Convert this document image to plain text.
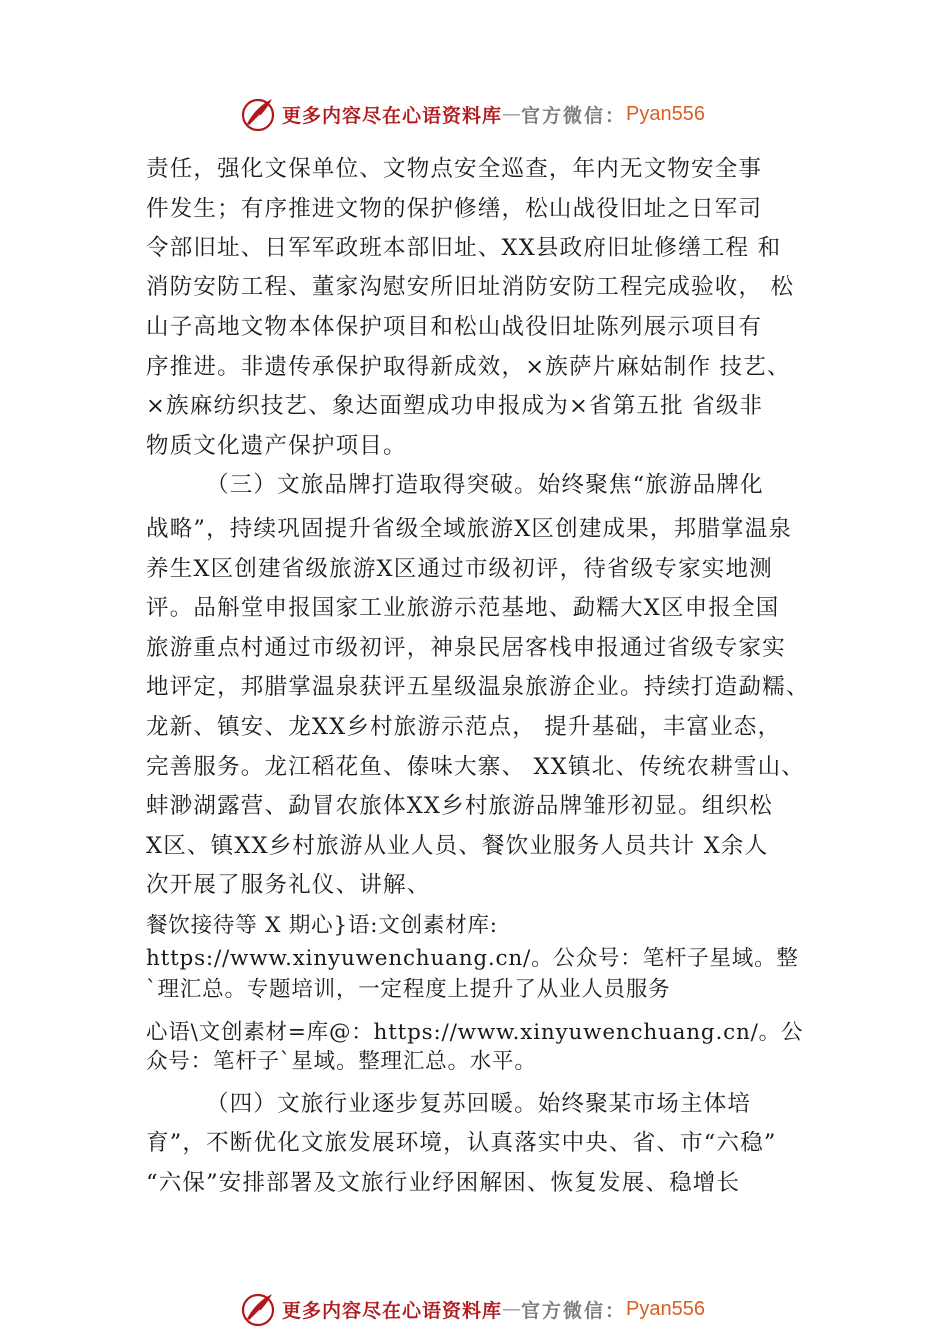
更多内容尽在心语资料库 — 官方微信： Pyan556
责任，强化文保单位、文物点安全巡查，年内无文物安全事
件发生；有序推进文物的保护修缮，松山战役旧址之日军司
令部旧址、日军军政班本部旧址、XX县政府旧址修缮工程 和
消防安防工程、董家沟慰安所旧址消防安防工程完成验收， 松
山子高地文物本体保护项目和松山战役旧址陈列展示项目有
序推进。非遗传承保护取得新成效，×族萨片麻姑制作 技艺、
×族麻纺织技艺、象达面塑成功申报成为×省第五批 省级非
物质文化遗产保护项目。
（三）文旅品牌打造取得突破。始终聚焦“旅游品牌化
战略”，持续巩固提升省级全域旅游X区创建成果，邦腊掌温泉
养生X区创建省级旅游X区通过市级初评，待省级专家实地测
评。品斛堂申报国家工业旅游示范基地、勐糯大X区申报全国
旅游重点村通过市级初评，神泉民居客栈申报通过省级专家实
地评定，邦腊掌温泉获评五星级温泉旅游企业。持续打造勐糯、
龙新、镇安、龙XX乡村旅游示范点， 提升基础，丰富业态，
完善服务。龙江稻花鱼、傣味大寨、 XX镇北、传统农耕雪山、
蚌渺湖露营、勐冒农旅体XX乡村旅游品牌雏形初显。组织松
X区、镇XX乡村旅游从业人员、餐饮业服务人员共计 X余人
次开展了服务礼仪、讲解、
餐饮接待等 X 期心}语:文创素材库:
https://www.xinyuwenchuang.cn/。公众号：笔杆子星域。整
`理汇总。专题培训，一定程度上提升了从业人员服务
心语\文创素材=库@：https://www.xinyuwenchuang.cn/。公
众号：笔杆子`星域。整理汇总。水平。
（四）文旅行业逐步复苏回暖。始终聚某市场主体培
育”，不断优化文旅发展环境，认真落实中央、省、市“六稳”
“六保”安排部署及文旅行业纾困解困、恢复发展、稳增长
更多内容尽在心语资料库 — 官方微信： Pyan556
